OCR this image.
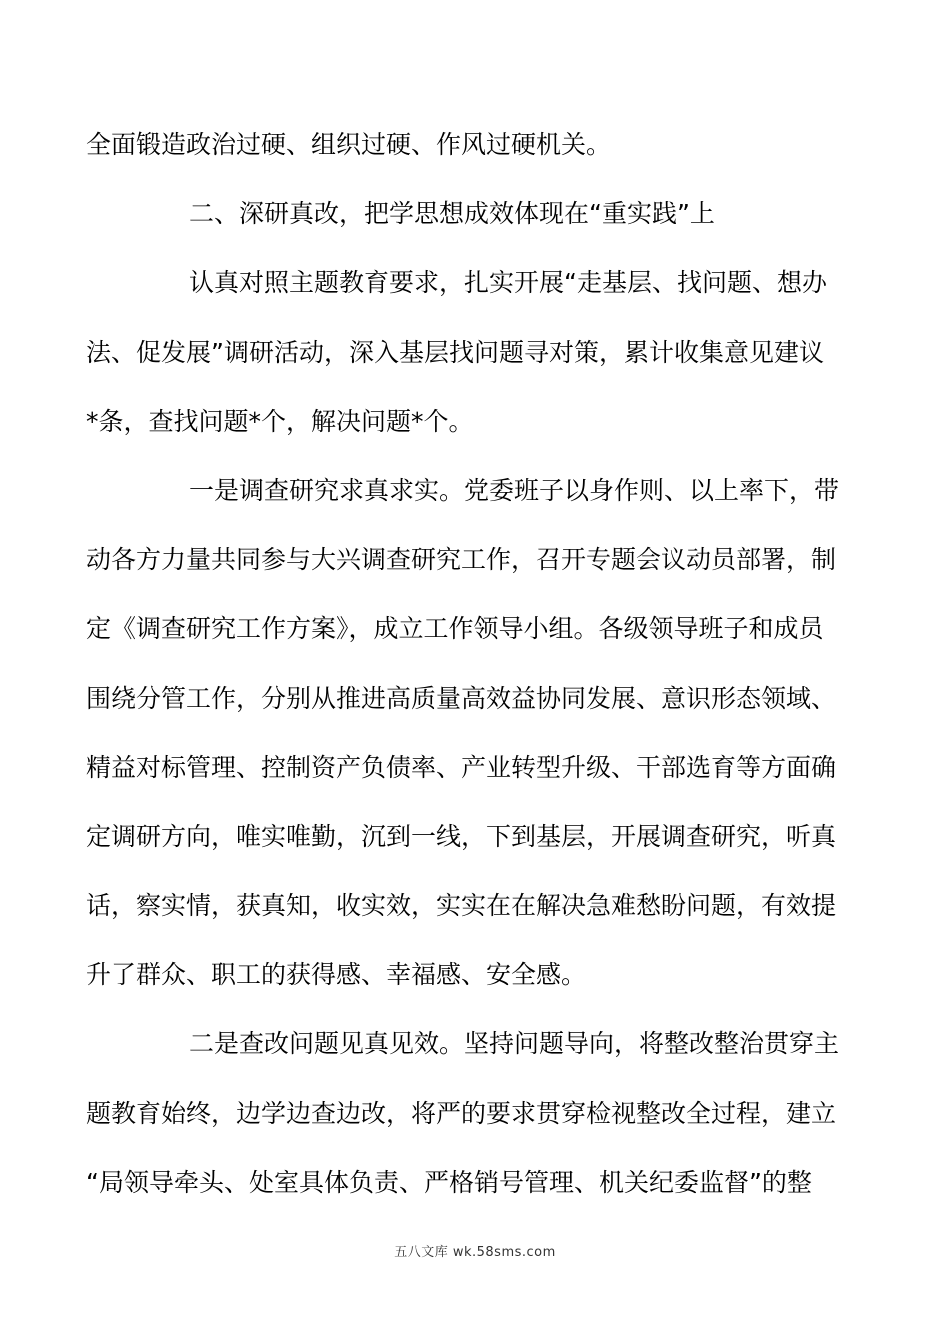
全面锻造政治过硬、组织过硬、作风过硬机关。
二、深研真改，把学思想成效体现在“重实践”上
认真对照主题教育要求，扎实开展“走基层、找问题、想办
法、促发展”调研活动，深入基层找问题寻对策，累计收集意见建议
*条，查找问题*个，解决问题*个。
一是调查研究求真求实。党委班子以身作则、以上率下，带
动各方力量共同参与大兴调查研究工作，召开专题会议动员部署，制
定《调查研究工作方案》，成立工作领导小组。各级领导班子和成员
围绕分管工作，分别从推进高质量高效益协同发展、意识形态领域、
精益对标管理、控制资产负债率、产业转型升级、干部选育等方面确
定调研方向，唯实唯勤，沉到一线，下到基层，开展调查研究，听真
话，察实情，获真知，收实效，实实在在解决急难愁盼问题，有效提
升了群众、职工的获得感、幸福感、安全感。
二是查改问题见真见效。坚持问题导向，将整改整治贯穿主
题教育始终，边学边查边改，将严的要求贯穿检视整改全过程，建立
“局领导牵头、处室具体负责、严格销号管理、机关纪委监督”的整
五八文库 wk.58sms.com
